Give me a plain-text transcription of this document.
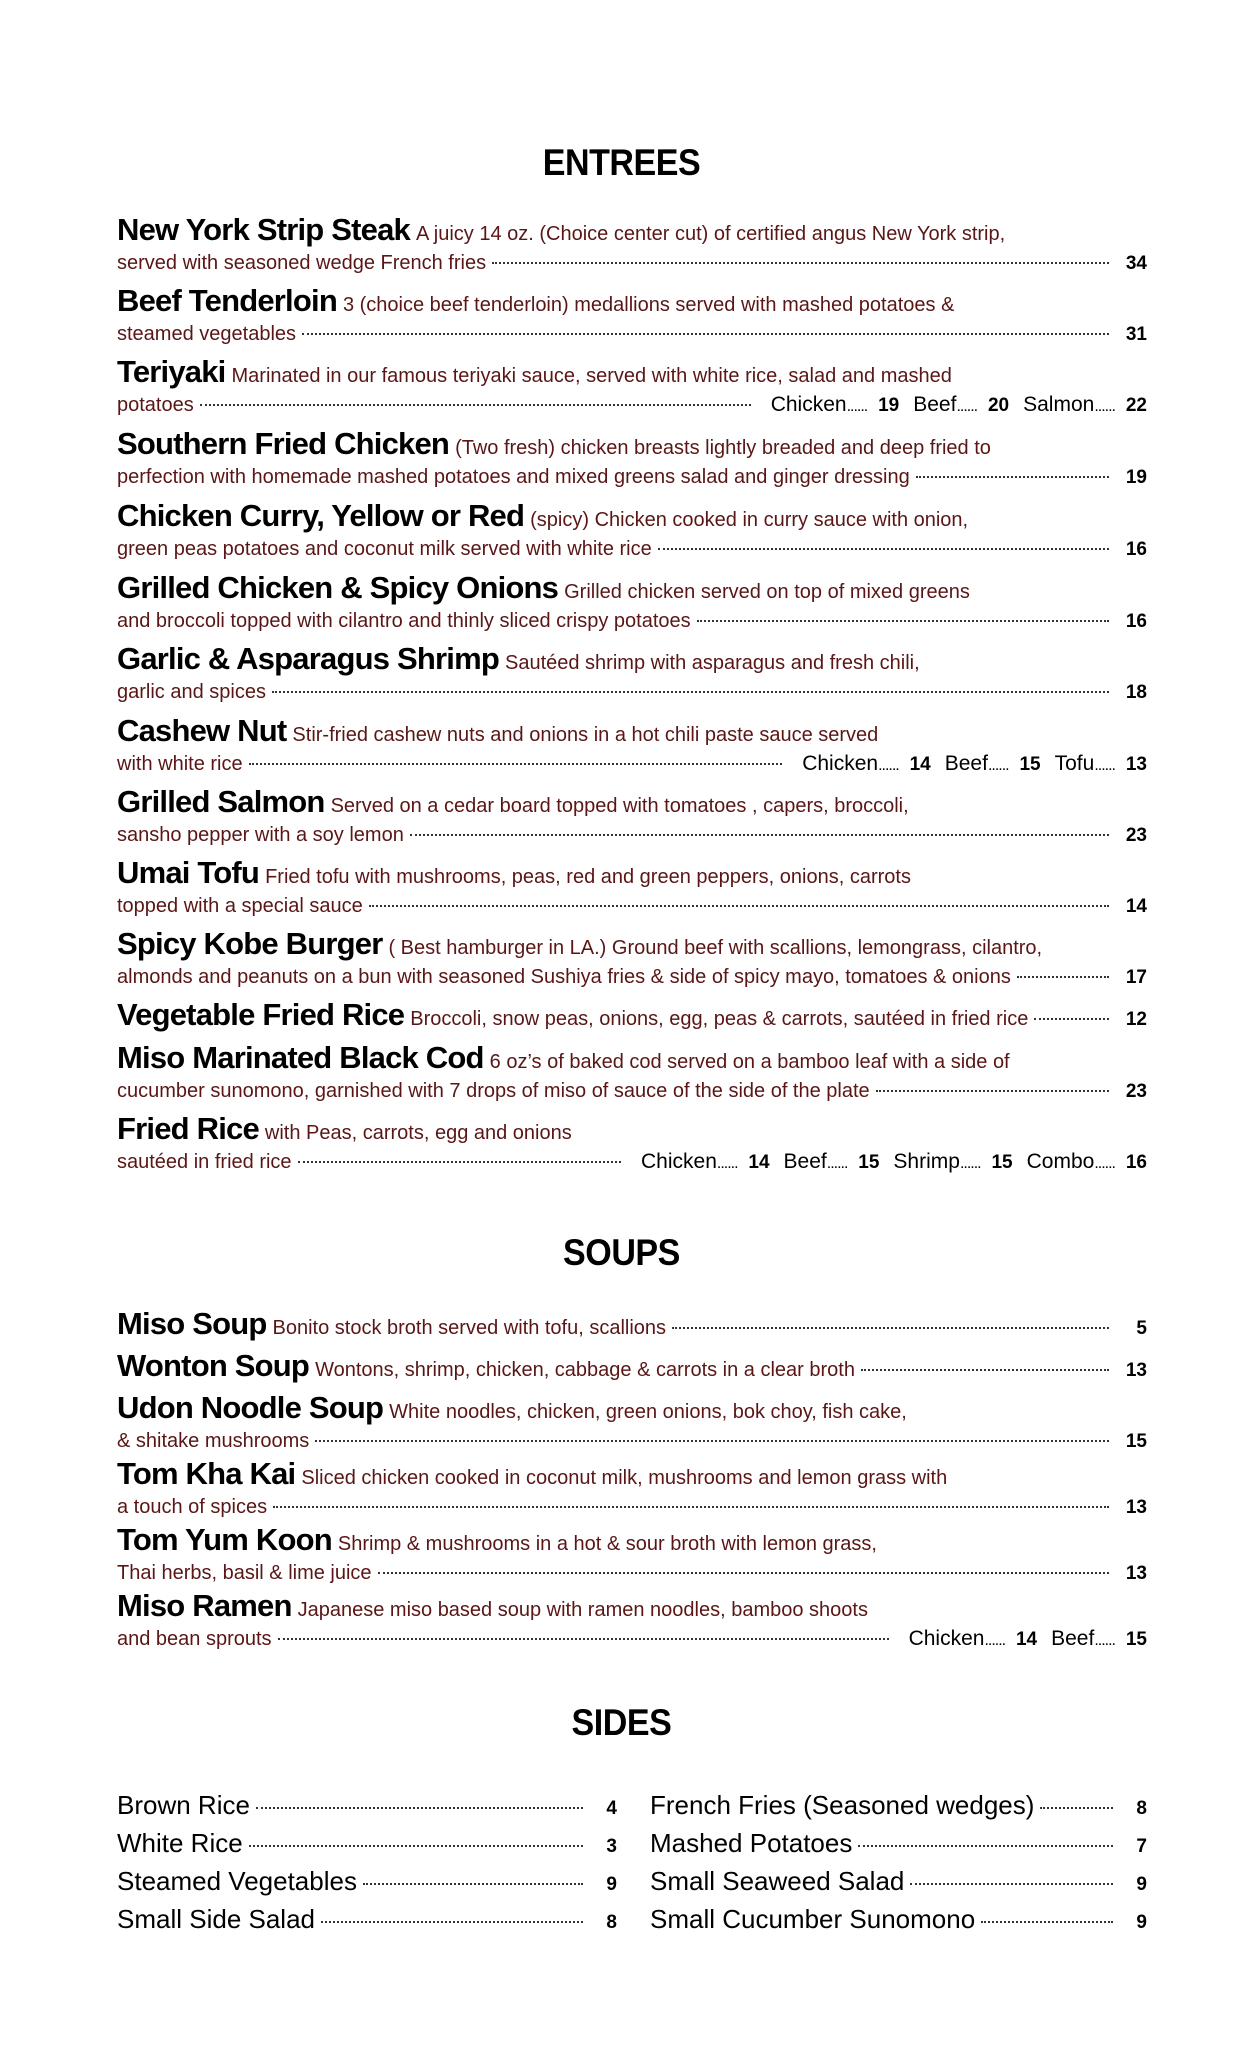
ENTREES
New York Strip Steak A juicy 14 oz. (Choice center cut) of certified angus New York strip,
served with seasoned wedge French fries	34
Beef Tenderloin 3 (choice beef tenderloin) medallions served with mashed potatoes &
steamed vegetables	31
Teriyaki Marinated in our famous teriyaki sauce, served with white rice, salad and mashed
potatoes	Chicken ...... 19 Beef ...... 20 Salmon ...... 22
Southern Fried Chicken (Two fresh) chicken breasts lightly breaded and deep fried to
perfection with homemade mashed potatoes and mixed greens salad and ginger dressing	19
Chicken Curry, Yellow or Red (spicy) Chicken cooked in curry sauce with onion,
green peas potatoes and coconut milk served with white rice	16
Grilled Chicken & Spicy Onions Grilled chicken served on top of mixed greens
and broccoli topped with cilantro and thinly sliced crispy potatoes	16
Garlic & Asparagus Shrimp Sautéed shrimp with asparagus and fresh chili,
garlic and spices	18
Cashew Nut Stir-fried cashew nuts and onions in a hot chili paste sauce served
with white rice	Chicken ...... 14 Beef ...... 15 Tofu ...... 13
Grilled Salmon Served on a cedar board topped with tomatoes , capers, broccoli,
sansho pepper with a soy lemon	23
Umai Tofu Fried tofu with mushrooms, peas, red and green peppers, onions, carrots
topped with a special sauce	14
Spicy Kobe Burger ( Best hamburger in LA.) Ground beef with scallions, lemongrass, cilantro,
almonds and peanuts on a bun with seasoned Sushiya fries & side of spicy mayo, tomatoes & onions	17
Vegetable Fried Rice Broccoli, snow peas, onions, egg, peas & carrots, sautéed in fried rice	12
Miso Marinated Black Cod 6 oz’s of baked cod served on a bamboo leaf with a side of
cucumber sunomono, garnished with 7 drops of miso of sauce of the side of the plate	23
Fried Rice with Peas, carrots, egg and onions
sautéed in fried rice	Chicken ...... 14 Beef ...... 15 Shrimp ...... 15 Combo ...... 16
SOUPS
Miso Soup Bonito stock broth served with tofu, scallions	5
Wonton Soup Wontons, shrimp, chicken, cabbage & carrots in a clear broth	13
Udon Noodle Soup White noodles, chicken, green onions, bok choy, fish cake,
& shitake mushrooms	15
Tom Kha Kai Sliced chicken cooked in coconut milk, mushrooms and lemon grass with
a touch of spices	13
Tom Yum Koon Shrimp & mushrooms in a hot & sour broth with lemon grass,
Thai herbs, basil & lime juice	13
Miso Ramen Japanese miso based soup with ramen noodles, bamboo shoots
and bean sprouts	Chicken ...... 14 Beef ...... 15
SIDES
Brown Rice	4
White Rice	3
Steamed Vegetables	9
Small Side Salad	8
French Fries (Seasoned wedges)	8
Mashed Potatoes	7
Small Seaweed Salad	9
Small Cucumber Sunomono	9
